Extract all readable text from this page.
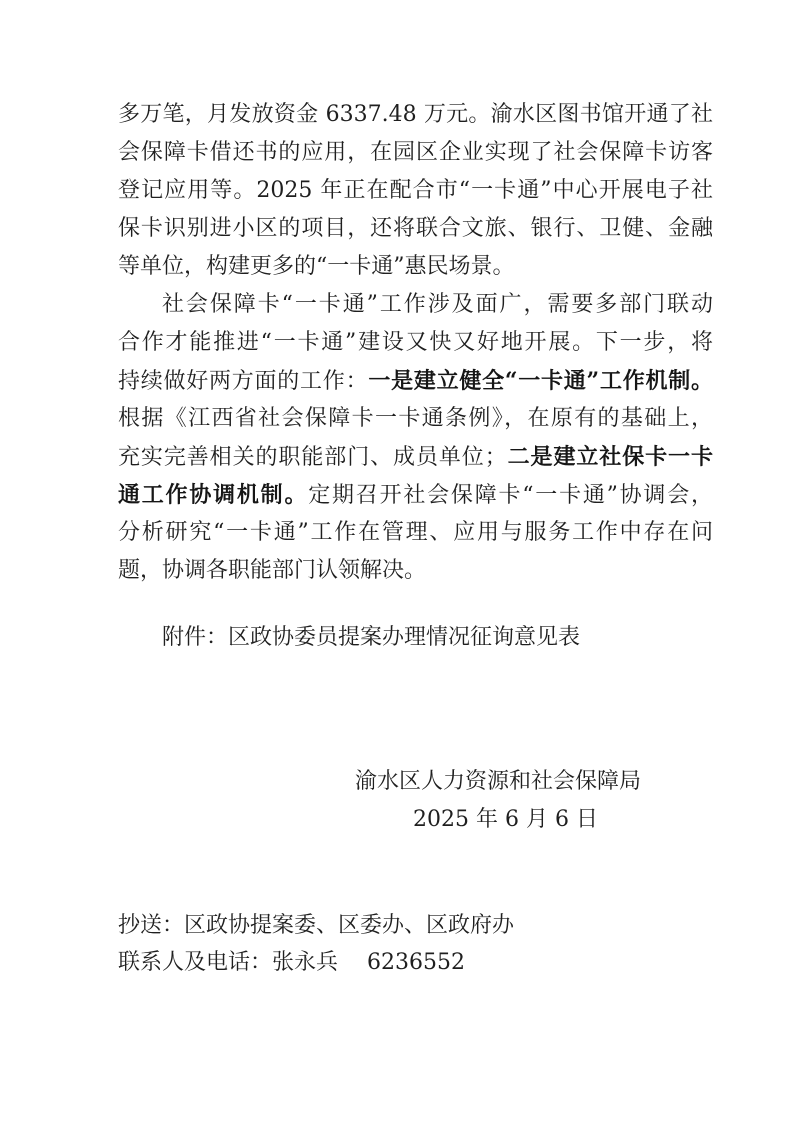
多万笔，月发放资金 6337.48 万元。渝水区图书馆开通了社
会保障卡借还书的应用，在园区企业实现了社会保障卡访客
登记应用等。2025 年正在配合市“一卡通”中心开展电子社
保卡识别进小区的项目，还将联合文旅、银行、卫健、金融
等单位，构建更多的“一卡通”惠民场景。
社会保障卡“一卡通”工作涉及面广，需要多部门联动
合作才能推进“一卡通”建设又快又好地开展。下一步，将
持续做好两方面的工作：一是建立健全“一卡通”工作机制。
根据《江西省社会保障卡一卡通条例》，在原有的基础上，
充实完善相关的职能部门、成员单位；二是建立社保卡一卡
通工作协调机制。定期召开社会保障卡“一卡通”协调会，
分析研究“一卡通”工作在管理、应用与服务工作中存在问
题，协调各职能部门认领解决。
附件：区政协委员提案办理情况征询意见表
渝水区人力资源和社会保障局
2025 年 6 月 6 日
抄送：区政协提案委、区委办、区政府办
联系人及电话：张永兵　 6236552
